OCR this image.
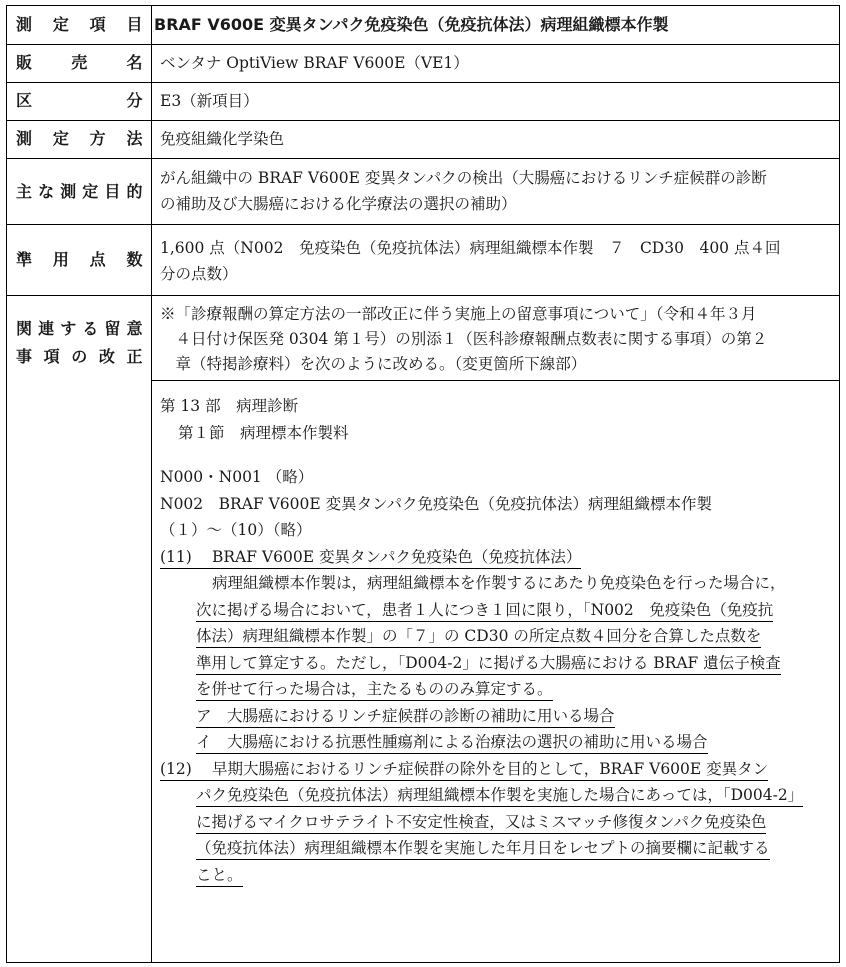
測 定 項 目 BRAF V600E 変異タンパク免疫染色（免疫抗体法）病理組織標本作製
販 売 名 ベンタナ OptiView BRAF V600E（VE1）
区	分 E3（新項目）
測 定 方 法 免疫組織化学染色
主 な 測 定 目 的
がん組織中の BRAF V600E 変異タンパクの検出（大腸癌におけるリンチ症候群の診断
の補助及び大腸癌における化学療法の選択の補助）
準 用 点 数
1,600 点（N002　免疫染色（免疫抗体法）病理組織標本作製　７　CD30　400 点４回
分の点数）
関 連 す る 留 意
事 項 の 改 正
※「診療報酬の算定方法の一部改正に伴う実施上の留意事項について」（令和４年３月
　４日付け保医発 0304 第１号）の別添１（医科診療報酬点数表に関する事項）の第２
　章（特掲診療料）を次のように改める。（変更箇所下線部）
第 13 部　病理診断
第１節　病理標本作製料
N000・N001 （略）
N002　BRAF V600E 変異タンパク免疫染色（免疫抗体法）病理組織標本作製
（１）～（10）（略）
(11) BRAF V600E 変異タンパク免疫染色（免疫抗体法）
病理組織標本作製は，病理組織標本を作製するにあたり免疫染色を行った場合に，
次に掲げる場合において，患者１人につき１回に限り，「N002　免疫染色（免疫抗
体法）病理組織標本作製」の「７」の CD30 の所定点数４回分を合算した点数を
準用して算定する。ただし，「D004-2」に掲げる大腸癌における BRAF 遺伝子検査
を併せて行った場合は，主たるもののみ算定する。
ア　大腸癌におけるリンチ症候群の診断の補助に用いる場合
イ　大腸癌における抗悪性腫瘍剤による治療法の選択の補助に用いる場合
(12) 早期大腸癌におけるリンチ症候群の除外を目的として，BRAF V600E 変異タン
パク免疫染色（免疫抗体法）病理組織標本作製を実施した場合にあっては，「D004-2」
に掲げるマイクロサテライト不安定性検査，又はミスマッチ修復タンパク免疫染色
（免疫抗体法）病理組織標本作製を実施した年月日をレセプトの摘要欄に記載する
こと。
